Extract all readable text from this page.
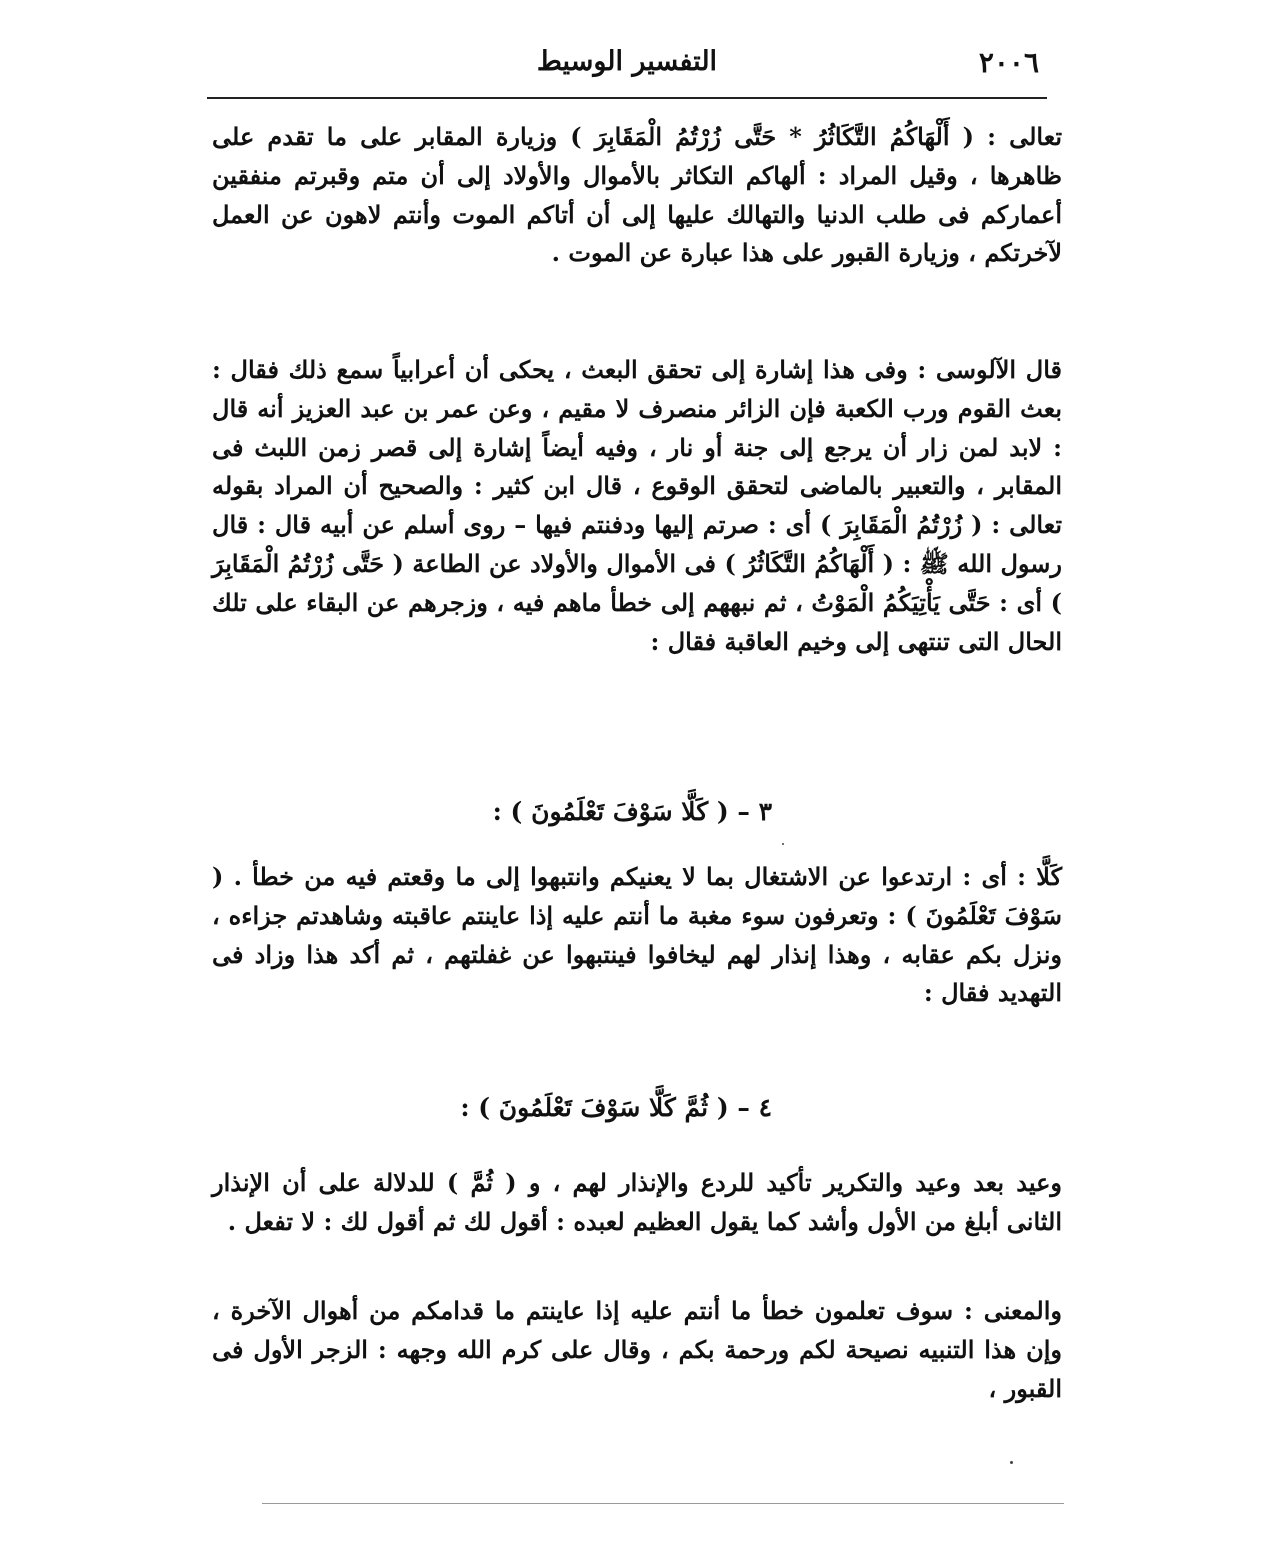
٢٠٠٦
التفسير الوسيط

تعالى : ( أَلْهَاكُمُ التَّكَاثُرُ * حَتَّى زُرْتُمُ الْمَقَابِرَ ) وزيارة المقابر على ما تقدم على ظاهرها ، وقيل المراد : ألهاكم التكاثر بالأموال والأولاد إلى أن متم وقبرتم منفقين أعماركم فى طلب الدنيا والتهالك عليها إلى أن أتاكم الموت وأنتم لاهون عن العمل لآخرتكم ، وزيارة القبور على هذا عبارة عن الموت .

قال الآلوسى : وفى هذا إشارة إلى تحقق البعث ، يحكى أن أعرابياً سمع ذلك فقال : بعث القوم ورب الكعبة فإن الزائر منصرف لا مقيم ، وعن عمر بن عبد العزيز أنه قال : لابد لمن زار أن يرجع إلى جنة أو نار ، وفيه أيضاً إشارة إلى قصر زمن اللبث فى المقابر ، والتعبير بالماضى لتحقق الوقوع ، قال ابن كثير : والصحيح أن المراد بقوله تعالى : ( زُرْتُمُ الْمَقَابِرَ ) أى : صرتم إليها ودفنتم فيها – روى أسلم عن أبيه قال : قال رسول الله ﷺ : ( أَلْهَاكُمُ التَّكَاثُرُ ) فى الأموال والأولاد عن الطاعة ( حَتَّى زُرْتُمُ الْمَقَابِرَ ) أى : حَتَّى يَأْتِيَكُمُ الْمَوْتُ ، ثم نبههم إلى خطأ ماهم فيه ، وزجرهم عن البقاء على تلك الحال التى تنتهى إلى وخيم العاقبة فقال :

٣ – ( كَلَّا سَوْفَ تَعْلَمُونَ ) :

كَلَّا : أى : ارتدعوا عن الاشتغال بما لا يعنيكم وانتبهوا إلى ما وقعتم فيه من خطأ . ( سَوْفَ تَعْلَمُونَ ) : وتعرفون سوء مغبة ما أنتم عليه إذا عاينتم عاقبته وشاهدتم جزاءه ، ونزل بكم عقابه ، وهذا إنذار لهم ليخافوا فينتبهوا عن غفلتهم ، ثم أكد هذا وزاد فى التهديد فقال :

٤ – ( ثُمَّ كَلَّا سَوْفَ تَعْلَمُونَ ) :

وعيد بعد وعيد والتكرير تأكيد للردع والإنذار لهم ، و ( ثُمَّ ) للدلالة على أن الإنذار الثانى أبلغ من الأول وأشد كما يقول العظيم لعبده : أقول لك ثم أقول لك : لا تفعل .

والمعنى : سوف تعلمون خطأ ما أنتم عليه إذا عاينتم ما قدامكم من أهوال الآخرة ، وإن هذا التنبيه نصيحة لكم ورحمة بكم ، وقال على كرم الله وجهه : الزجر الأول فى القبور ،
